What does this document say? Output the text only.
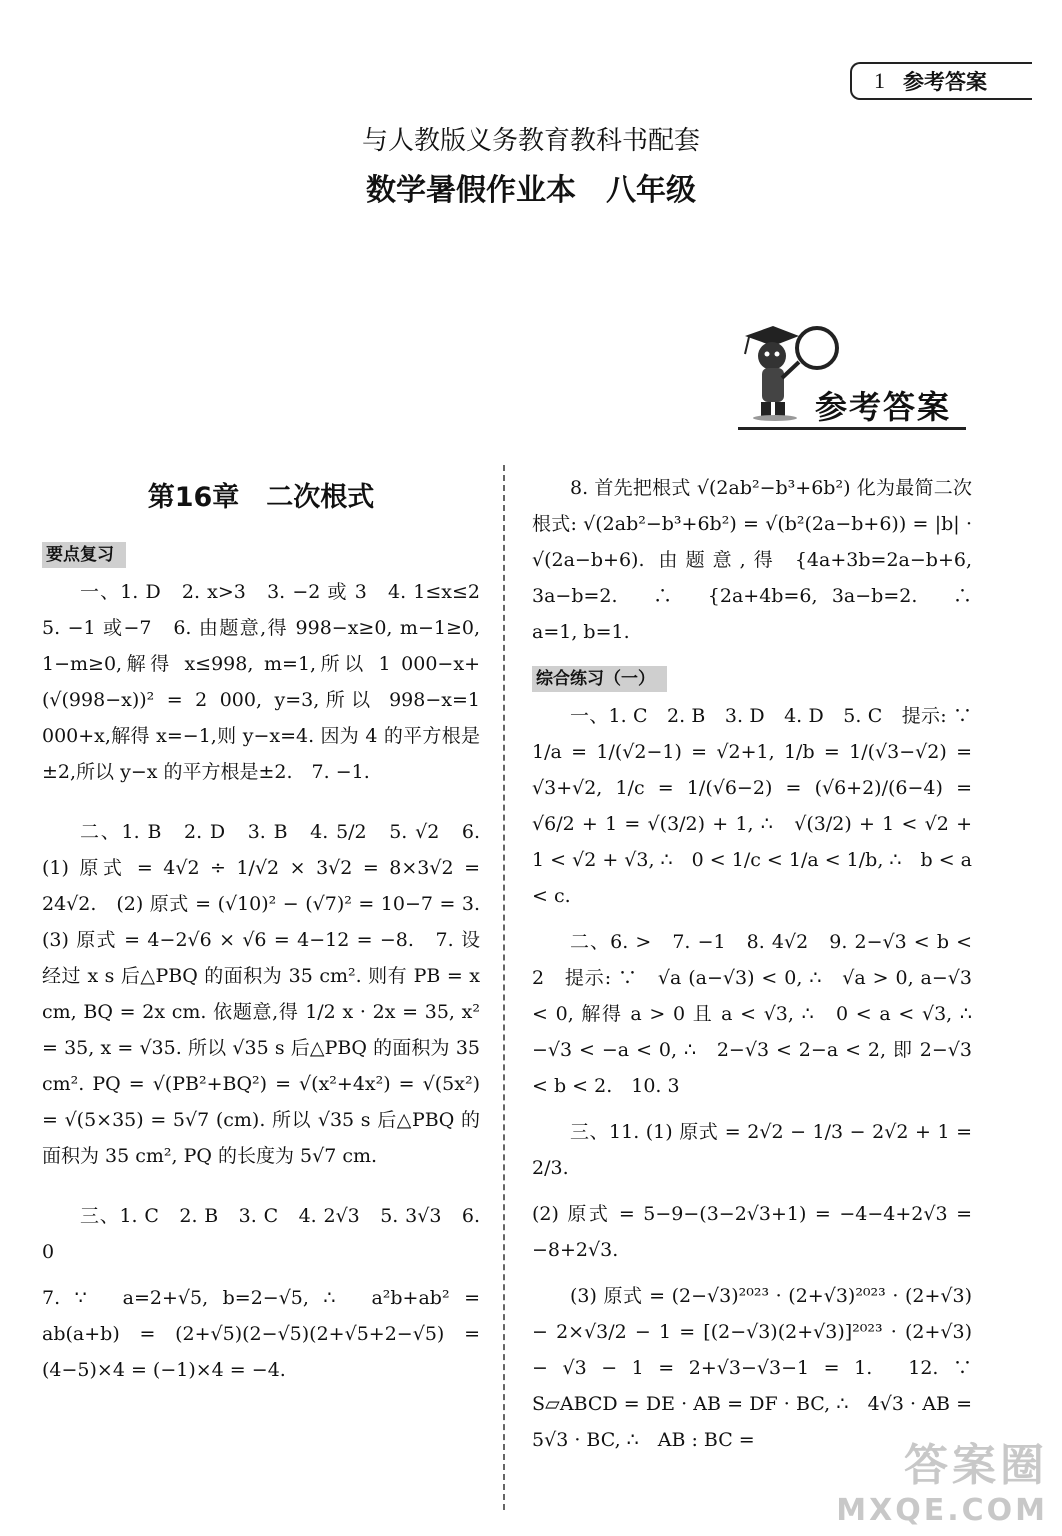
1 参考答案
与人教版义务教育教科书配套
数学暑假作业本　八年级
参考答案
第16章　二次根式
要点复习

一、1. D　2. x>3　3. −2 或 3　4. 1≤x≤2　5. −1 或−7　6. 由题意,得 998−x≥0, m−1≥0, 1−m≥0,解得 x≤998, m=1,所以 1 000−x+(√(998−x))² = 2 000, y=3,所以 998−x=1 000+x,解得 x=−1,则 y−x=4. 因为 4 的平方根是±2,所以 y−x 的平方根是±2.　7. −1.

二、1. B　2. D　3. B　4. 5/2　5. √2　6. (1) 原式 = 4√2 ÷ 1/√2 × 3√2 = 8×3√2 = 24√2.　(2) 原式 = (√10)² − (√7)² = 10−7 = 3.　(3) 原式 = 4−2√6 × √6 = 4−12 = −8.　7. 设经过 x s 后△PBQ 的面积为 35 cm². 则有 PB = x cm, BQ = 2x cm. 依题意,得 1/2 x · 2x = 35, x² = 35, x = √35. 所以 √35 s 后△PBQ 的面积为 35 cm². PQ = √(PB²+BQ²) = √(x²+4x²) = √(5x²) = √(5×35) = 5√7 (cm). 所以 √35 s 后△PBQ 的面积为 35 cm², PQ 的长度为 5√7 cm.

三、1. C　2. B　3. C　4. 2√3　5. 3√3　6. 0

7. ∵　a=2+√5, b=2−√5, ∴　a²b+ab² = ab(a+b) = (2+√5)(2−√5)(2+√5+2−√5) = (4−5)×4 = (−1)×4 = −4.

8. 首先把根式 √(2ab²−b³+6b²) 化为最简二次根式: √(2ab²−b³+6b²) = √(b²(2a−b+6)) = |b| · √(2a−b+6). 由题意,得 {4a+3b=2a−b+6, 3a−b=2.　∴　{2a+4b=6, 3a−b=2.　∴　a=1, b=1.

综合练习（一）

一、1. C　2. B　3. D　4. D　5. C　提示: ∵　1/a = 1/(√2−1) = √2+1, 1/b = 1/(√3−√2) = √3+√2, 1/c = 1/(√6−2) = (√6+2)/(6−4) = √6/2 + 1 = √(3/2) + 1, ∴　√(3/2) + 1 < √2 + 1 < √2 + √3, ∴　0 < 1/c < 1/a < 1/b, ∴　b < a < c.

二、6. >　7. −1　8. 4√2　9. 2−√3 < b < 2　提示: ∵　√a (a−√3) < 0, ∴　√a > 0, a−√3 < 0, 解得 a > 0 且 a < √3, ∴　0 < a < √3, ∴　−√3 < −a < 0, ∴　2−√3 < 2−a < 2, 即 2−√3 < b < 2.　10. 3

三、11. (1) 原式 = 2√2 − 1/3 − 2√2 + 1 = 2/3.

(2) 原式 = 5−9−(3−2√3+1) = −4−4+2√3 = −8+2√3.

(3) 原式 = (2−√3)²⁰²³ · (2+√3)²⁰²³ · (2+√3) − 2×√3/2 − 1 = [(2−√3)(2+√3)]²⁰²³ · (2+√3) − √3 − 1 = 2+√3−√3−1 = 1.　12. ∵　S▱ABCD = DE · AB = DF · BC, ∴　4√3 · AB = 5√3 · BC, ∴　AB : BC =	答案圈
MXQE.COM
